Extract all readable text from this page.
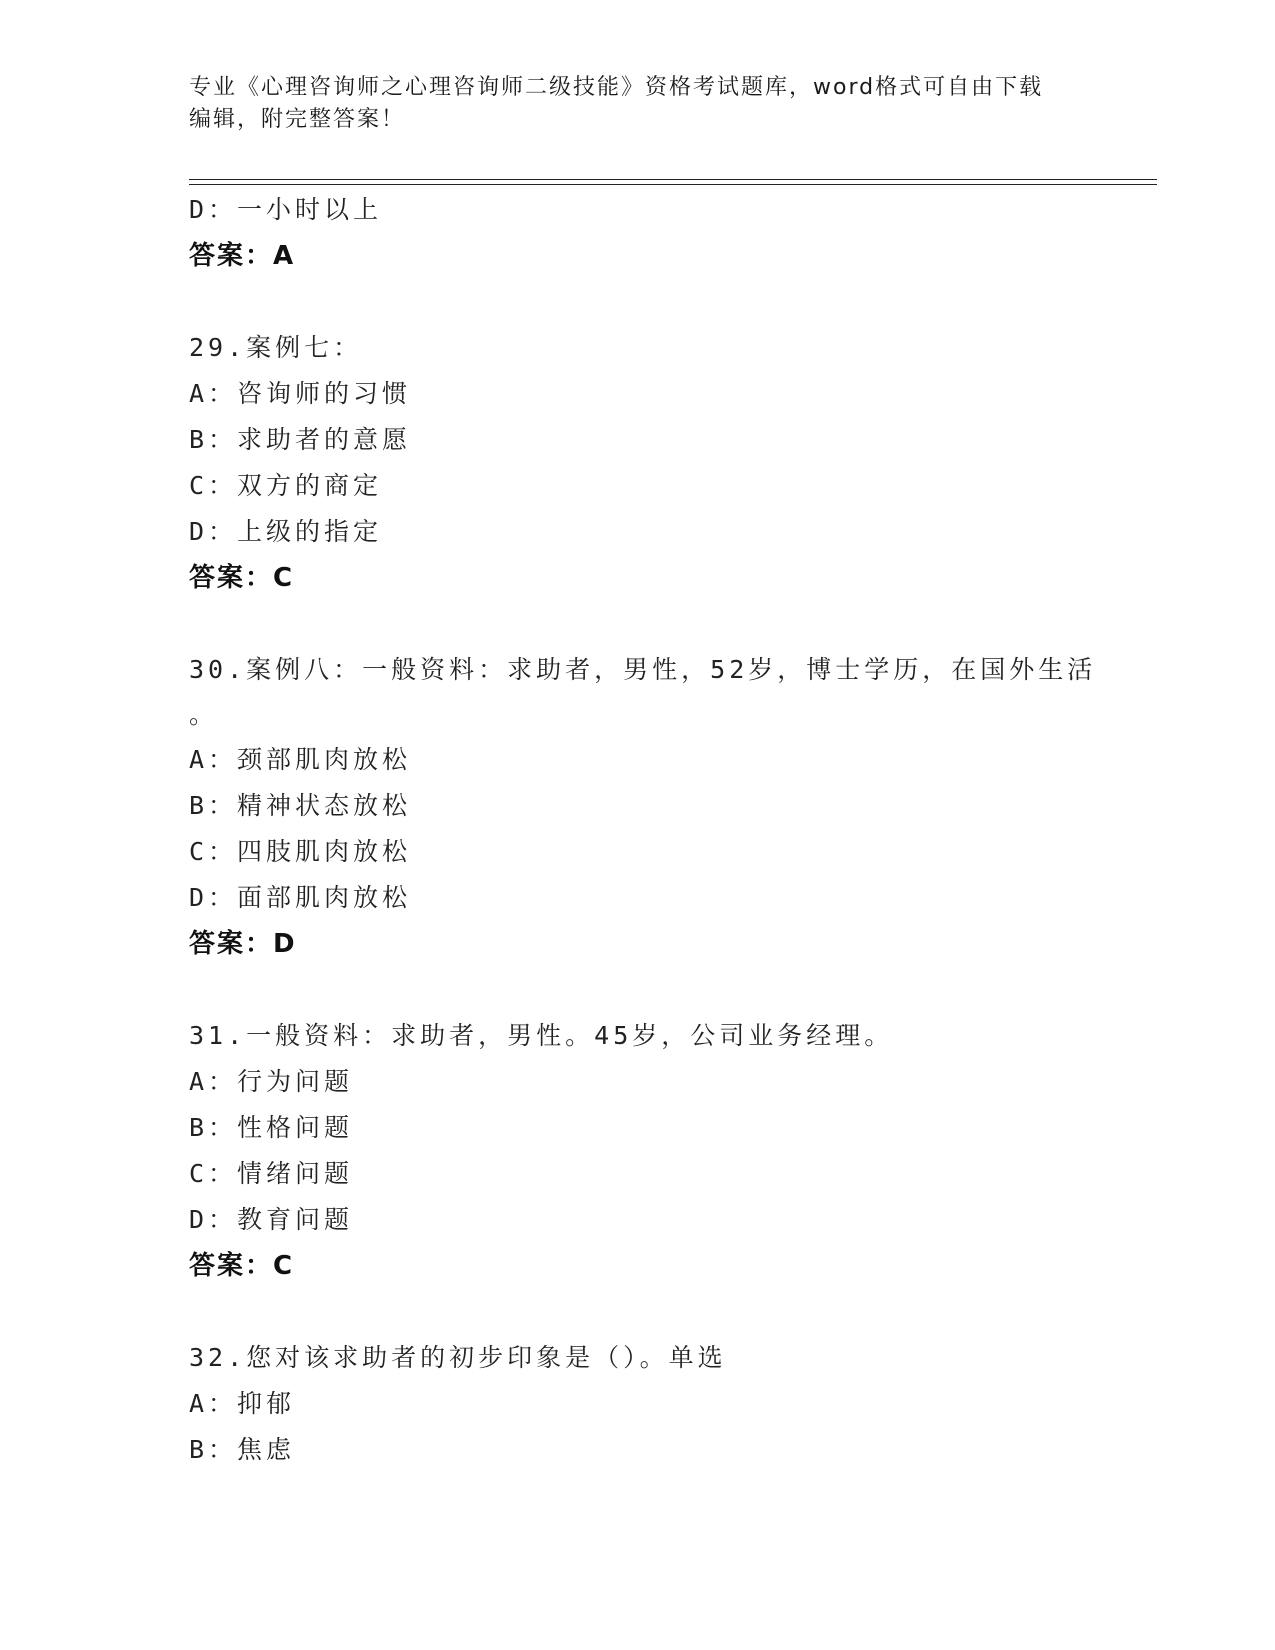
专业《心理咨询师之心理咨询师二级技能》资格考试题库，word格式可自由下载
编辑，附完整答案！
D：一小时以上
答案：A
29.案例七：
A：咨询师的习惯
B：求助者的意愿
C：双方的商定
D：上级的指定
答案：C
30.案例八：一般资料：求助者，男性，52岁，博士学历，在国外生活
。
A：颈部肌肉放松
B：精神状态放松
C：四肢肌肉放松
D：面部肌肉放松
答案：D
31.一般资料：求助者，男性。45岁，公司业务经理。
A：行为问题
B：性格问题
C：情绪问题
D：教育问题
答案：C
32.您对该求助者的初步印象是（）。单选
A：抑郁
B：焦虑
